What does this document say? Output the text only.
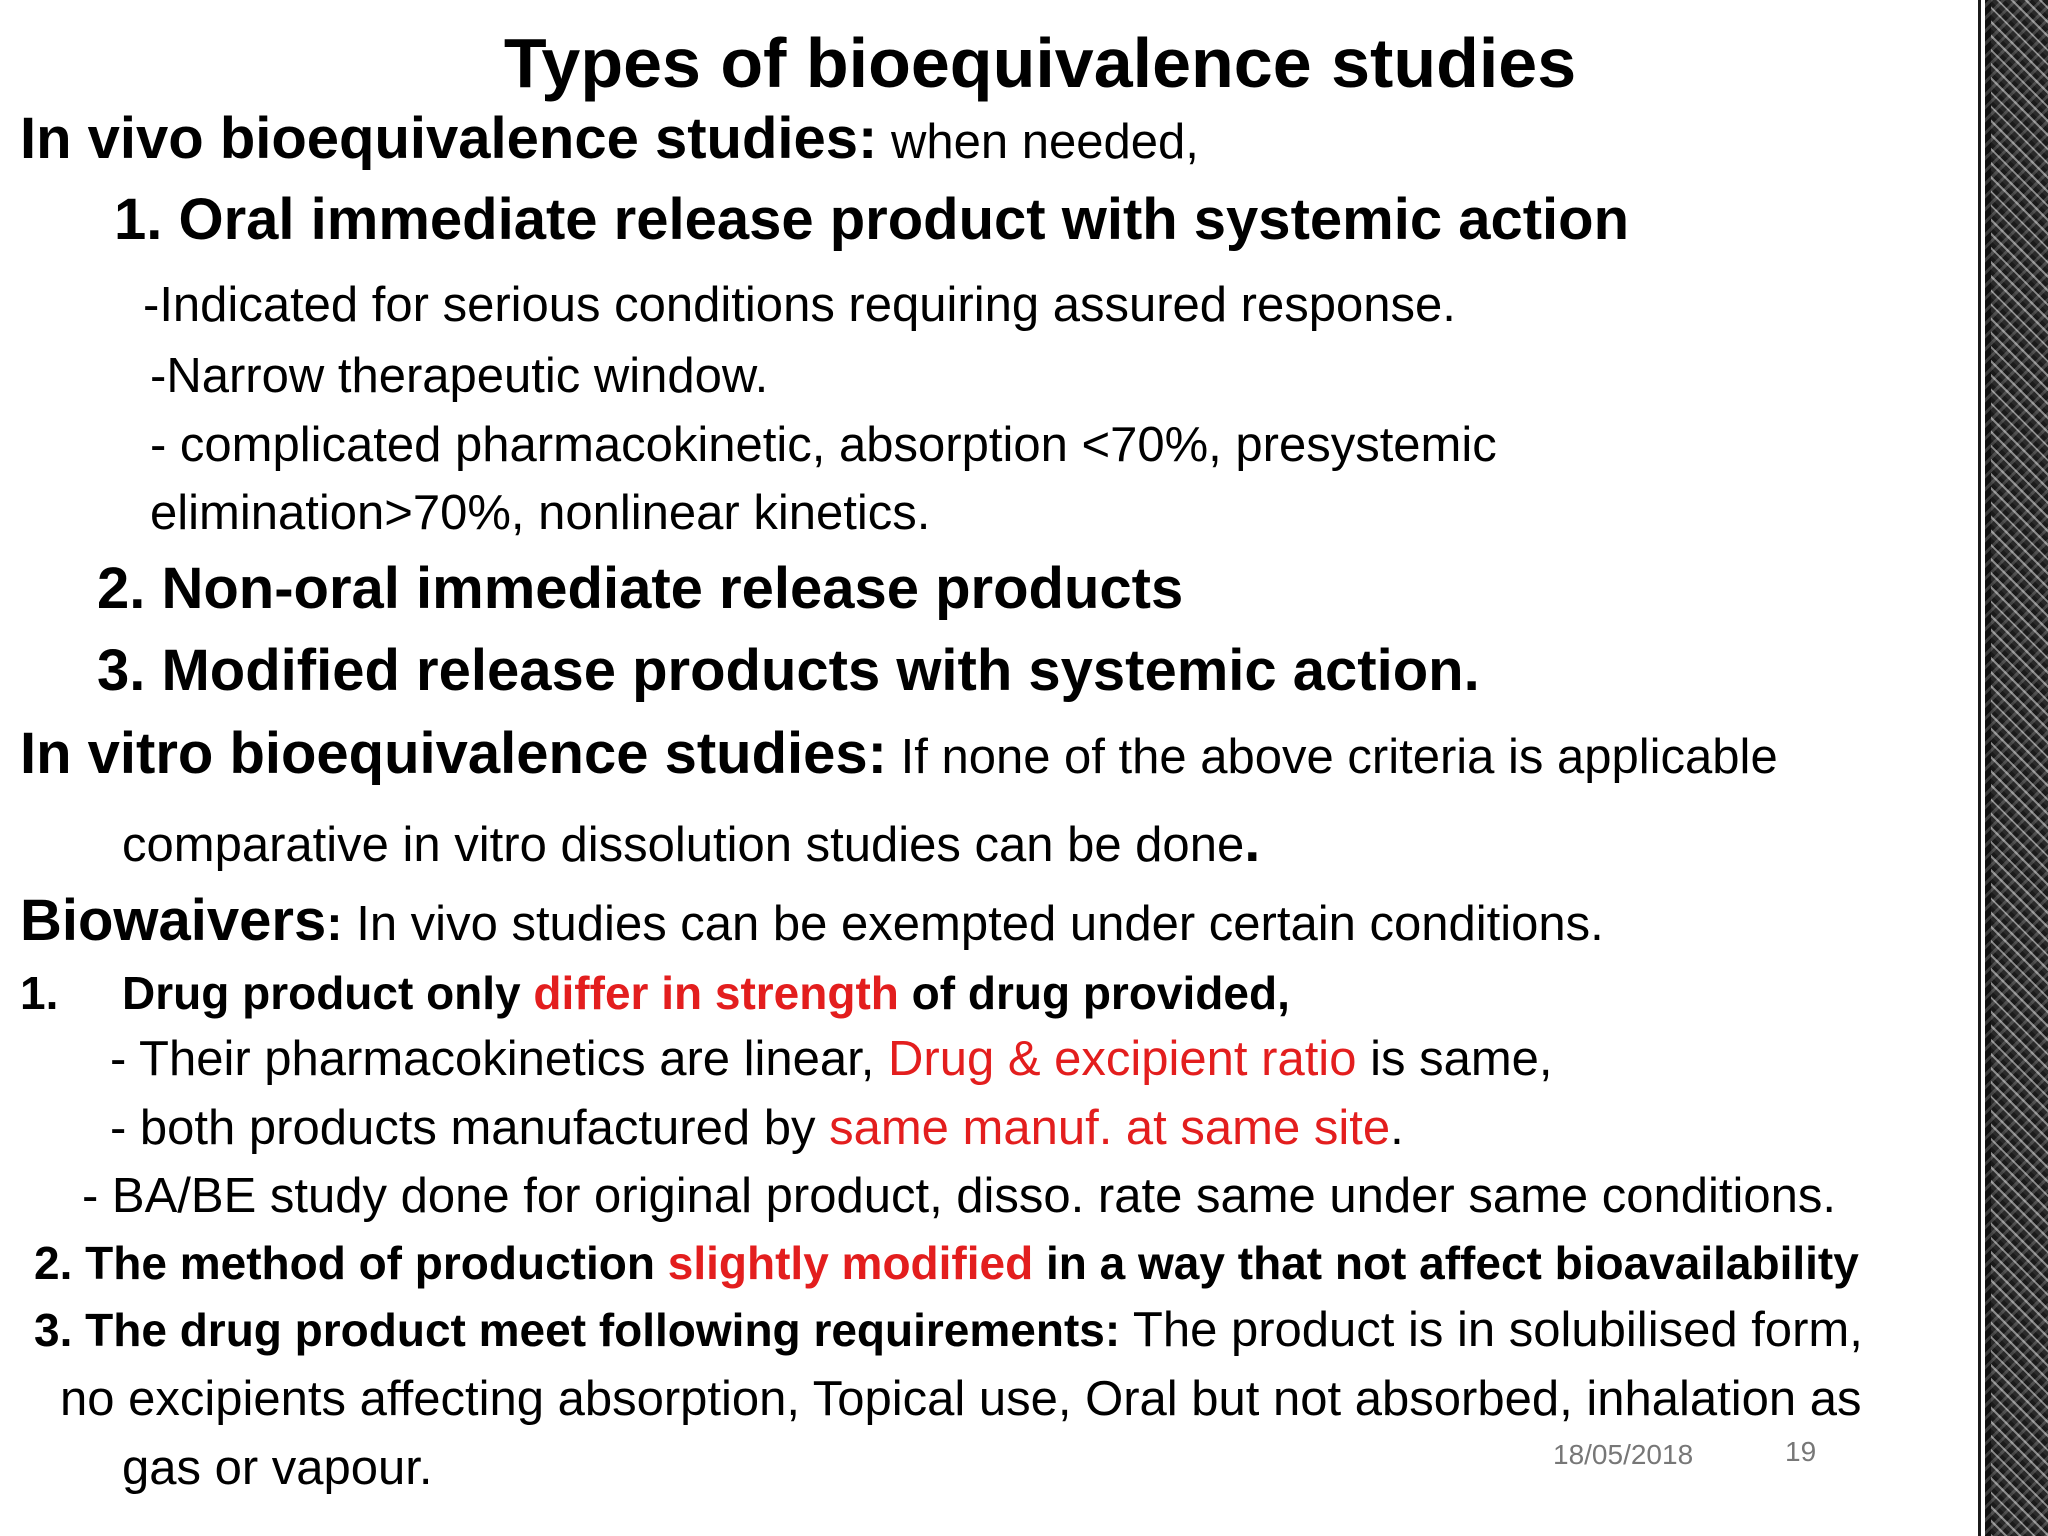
Types of bioequivalence studies
In vivo bioequivalence studies: when needed,
1. Oral immediate release product with systemic action
-Indicated for serious conditions requiring assured response.
-Narrow therapeutic window.
- complicated pharmacokinetic, absorption <70%, presystemic
elimination>70%, nonlinear kinetics.
2. Non-oral immediate release products
3. Modified release products with systemic action.
In vitro bioequivalence studies: If none of the above criteria is applicable
comparative in vitro dissolution studies can be done.
Biowaivers: In vivo studies can be exempted under certain conditions.
1. Drug product only differ in strength of drug provided,
- Their pharmacokinetics are linear, Drug & excipient ratio is same,
- both products manufactured by same manuf. at same site.
- BA/BE study done for original product, disso. rate same under same conditions.
2. The method of production slightly modified in a way that not affect bioavailability
3. The drug product meet following requirements: The product is in solubilised form,
no excipients affecting absorption, Topical use, Oral but not absorbed, inhalation as
gas or vapour.	18/05/2018	19
